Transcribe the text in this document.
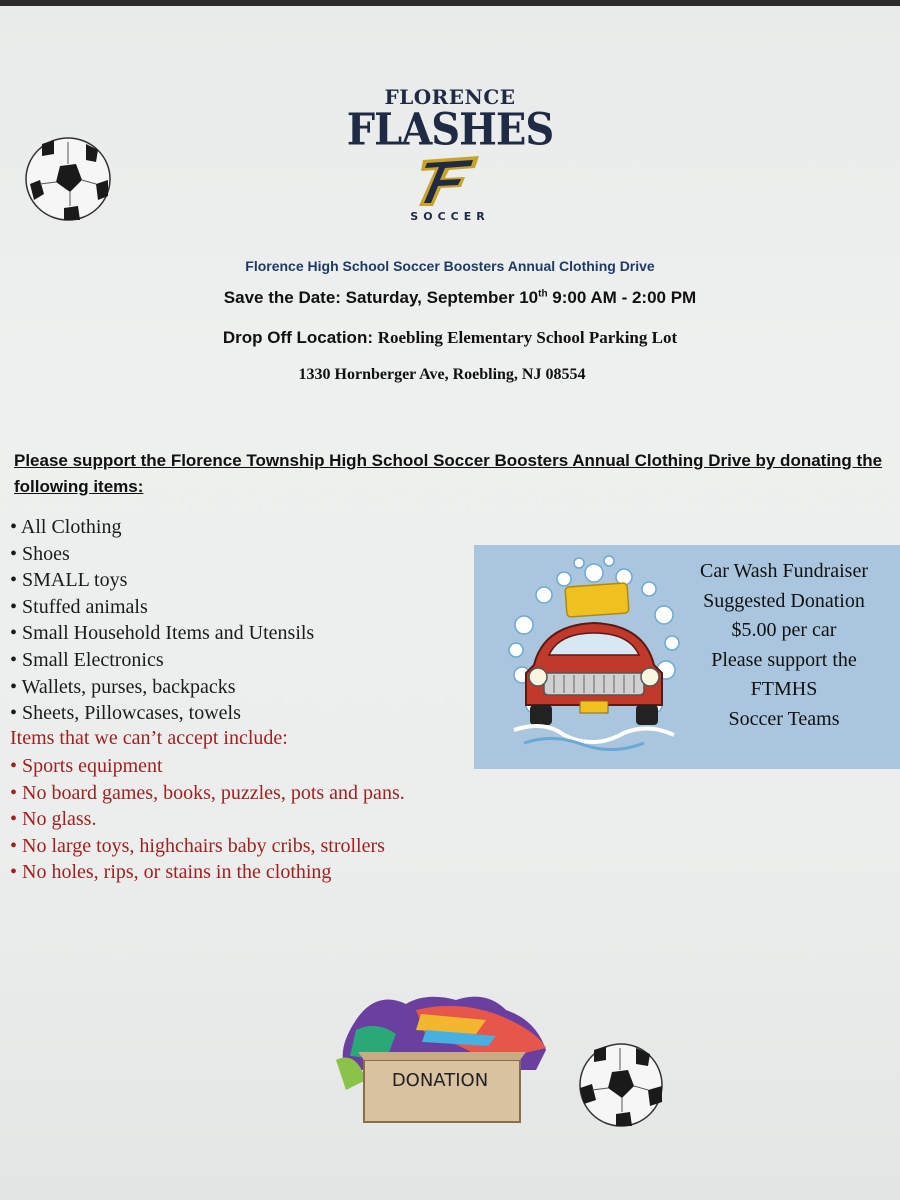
FLORENCE
FLASHES
SOCCER
Florence High School Soccer Boosters Annual Clothing Drive
Save the Date: Saturday, September 10th 9:00 AM - 2:00 PM
Drop Off Location: Roebling Elementary School Parking Lot
1330 Hornberger Ave, Roebling, NJ 08554
Please support the Florence Township High School Soccer Boosters Annual Clothing Drive by donating the following items:
• All Clothing
• Shoes
• SMALL toys
• Stuffed animals
• Small Household Items and Utensils
• Small Electronics
• Wallets, purses, backpacks
• Sheets, Pillowcases, towels
Items that we can’t accept include:
• Sports equipment
• No board games, books, puzzles, pots and pans.
• No glass.
• No large toys, highchairs baby cribs, strollers
• No holes, rips, or stains in the clothing
Car Wash Fundraiser
Suggested Donation
$5.00 per car
Please support the
FTMHS
Soccer Teams
DONATION
